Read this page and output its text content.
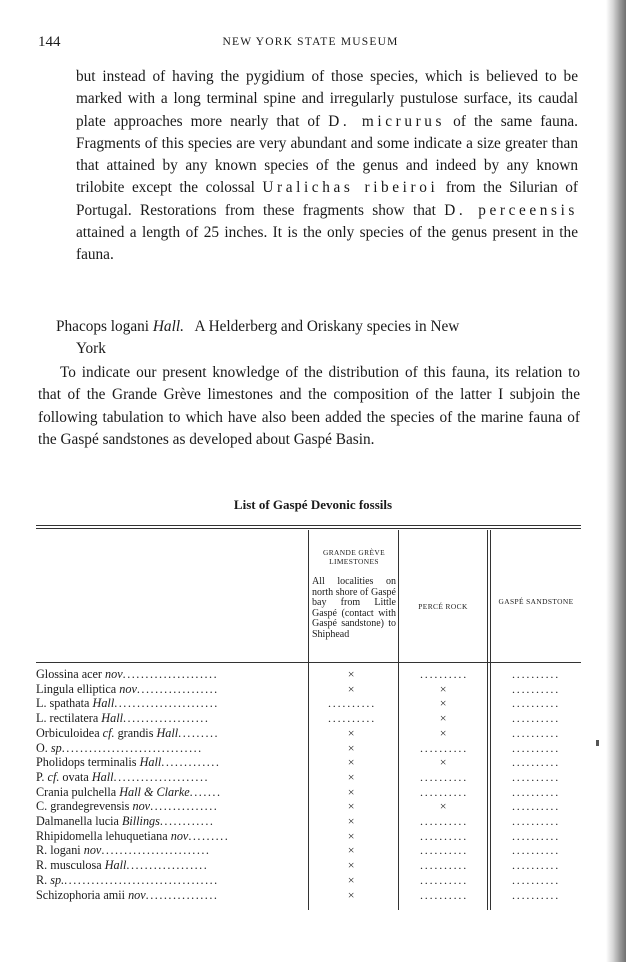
144	NEW YORK STATE MUSEUM
but instead of having the pygidium of those species, which is believed to be marked with a long terminal spine and irregularly pustulose surface, its caudal plate approaches more nearly that of D. micrurus of the same fauna. Fragments of this species are very abundant and some indicate a size greater than that attained by any known species of the genus and indeed by any known trilobite except the colossal Uralichas ribeiroi from the Silurian of Portugal. Restorations from these fragments show that D. perceensis attained a length of 25 inches. It is the only species of the genus present in the fauna.
Phacops logani Hall. A Helderberg and Oriskany species in New
York
To indicate our present knowledge of the distribution of this fauna, its relation to that of the Grande Grève limestones and the composition of the latter I subjoin the following tabulation to which have also been added the species of the marine fauna of the Gaspé sandstones as developed about Gaspé Basin.
List of Gaspé Devonic fossils
GRANDE GRÈVE LIMESTONES
All localities on north shore of Gaspé bay from Little Gaspé (contact with Gaspé sandstone) to Shiphead
PERCÉ ROCK
GASPÉ SANDSTONE
Glossina acer nov.....................	×	..........	..........
Lingula elliptica nov..................	×	×	..........
L. spathata Hall.......................	..........	×	..........
L. rectilatera Hall...................	..........	×	..........
Orbiculoidea cf. grandis Hall.........	×	×	..........
O. sp...............................	×	..........	..........
Pholidops terminalis Hall.............	×	×	..........
P. cf. ovata Hall.....................	×	..........	..........
Crania pulchella Hall & Clarke.......	×	..........	..........
C. grandegrevensis nov...............	×	×	..........
Dalmanella lucia Billings............	×	..........	..........
Rhipidomella lehuquetiana nov.........	×	..........	..........
R. logani nov........................	×	..........	..........
R. musculosa Hall..................	×	..........	..........
R. sp...................................	×	..........	..........
Schizophoria amii nov................	×	..........	..........
